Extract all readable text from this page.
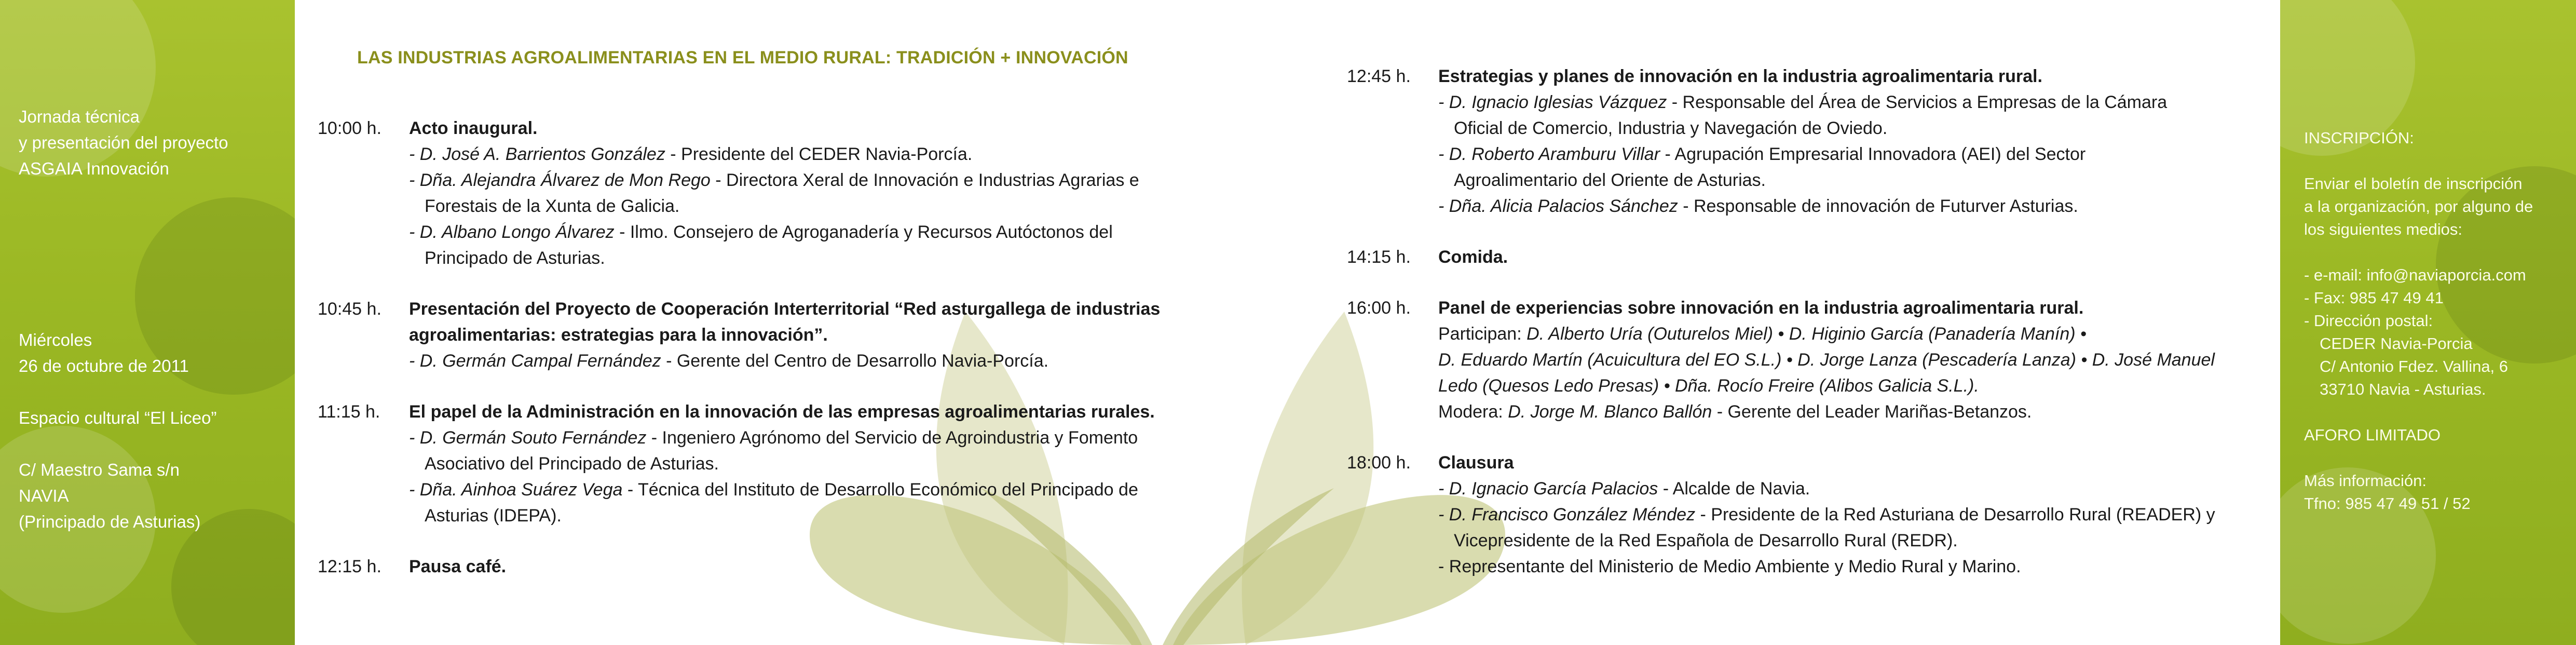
Jornada técnica
y presentación del proyecto
ASGAIA Innovación
Miércoles
26 de octubre de 2011
Espacio cultural “El Liceo”
C/ Maestro Sama s/n
NAVIA
(Principado de Asturias)
LAS INDUSTRIAS AGROALIMENTARIAS EN EL MEDIO RURAL: TRADICIÓN + INNOVACIÓN
10:00 h. Acto inaugural.
- D. José A. Barrientos González - Presidente del CEDER Navia-Porcía.
- Dña. Alejandra Álvarez de Mon Rego - Directora Xeral de Innovación e Industrias Agrarias e
Forestais de la Xunta de Galicia.
- D. Albano Longo Álvarez - Ilmo. Consejero de Agroganadería y Recursos Autóctonos del
Principado de Asturias.
10:45 h. Presentación del Proyecto de Cooperación Interterritorial “Red asturgallega de industrias
agroalimentarias: estrategias para la innovación”.
- D. Germán Campal Fernández - Gerente del Centro de Desarrollo Navia-Porcía.
11:15 h. El papel de la Administración en la innovación de las empresas agroalimentarias rurales.
- D. Germán Souto Fernández - Ingeniero Agrónomo del Servicio de Agroindustria y Fomento
Asociativo del Principado de Asturias.
- Dña. Ainhoa Suárez Vega - Técnica del Instituto de Desarrollo Económico del Principado de
Asturias (IDEPA).
12:15 h. Pausa café.
12:45 h. Estrategias y planes de innovación en la industria agroalimentaria rural.
- D. Ignacio Iglesias Vázquez - Responsable del Área de Servicios a Empresas de la Cámara
Oficial de Comercio, Industria y Navegación de Oviedo.
- D. Roberto Aramburu Villar - Agrupación Empresarial Innovadora (AEI) del Sector
Agroalimentario del Oriente de Asturias.
- Dña. Alicia Palacios Sánchez - Responsable de innovación de Futurver Asturias.
14:15 h. Comida.
16:00 h. Panel de experiencias sobre innovación en la industria agroalimentaria rural.
Participan: D. Alberto Uría (Outurelos Miel) • D. Higinio García (Panadería Manín) •
D. Eduardo Martín (Acuicultura del EO S.L.) • D. Jorge Lanza (Pescadería Lanza) • D. José Manuel
Ledo (Quesos Ledo Presas) • Dña. Rocío Freire (Alibos Galicia S.L.).
Modera: D. Jorge M. Blanco Ballón - Gerente del Leader Mariñas-Betanzos.
18:00 h. Clausura
- D. Ignacio García Palacios - Alcalde de Navia.
- D. Francisco González Méndez - Presidente de la Red Asturiana de Desarrollo Rural (READER) y
Vicepresidente de la Red Española de Desarrollo Rural (REDR).
- Representante del Ministerio de Medio Ambiente y Medio Rural y Marino.
INSCRIPCIÓN:
Enviar el boletín de inscripción
a la organización, por alguno de
los siguientes medios:
- e-mail: info@naviaporcia.com
- Fax: 985 47 49 41
- Dirección postal:
CEDER Navia-Porcia
C/ Antonio Fdez. Vallina, 6
33710 Navia - Asturias.
AFORO LIMITADO
Más información:
Tfno: 985 47 49 51 / 52
